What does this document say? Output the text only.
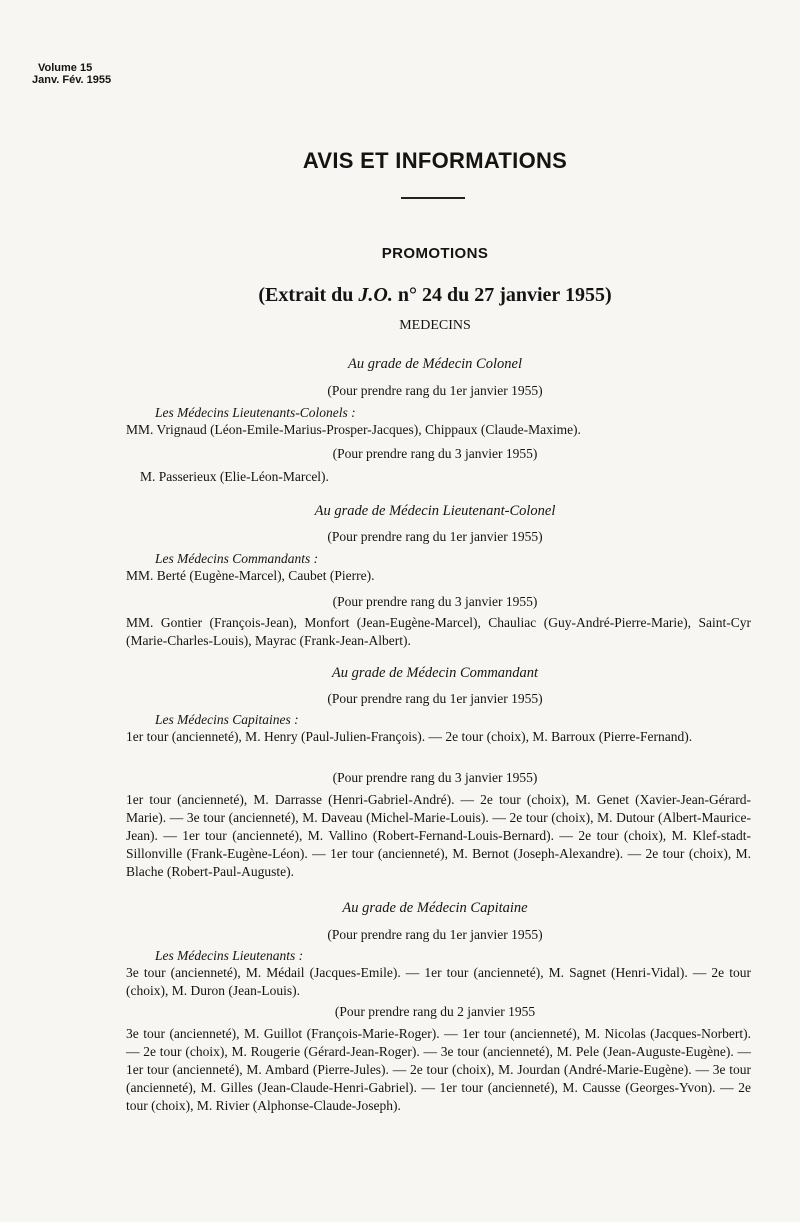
Volume 15
Janv. Fév. 1955
AVIS ET INFORMATIONS
PROMOTIONS
(Extrait du J.O. n° 24 du 27 janvier 1955)
MEDECINS
Au grade de Médecin Colonel
(Pour prendre rang du 1er janvier 1955)
Les Médecins Lieutenants-Colonels :
MM. Vrignaud (Léon-Emile-Marius-Prosper-Jacques), Chippaux (Claude-Maxime).
(Pour prendre rang du 3 janvier 1955)
M. Passerieux (Elie-Léon-Marcel).
Au grade de Médecin Lieutenant-Colonel
(Pour prendre rang du 1er janvier 1955)
Les Médecins Commandants :
MM. Berté (Eugène-Marcel), Caubet (Pierre).
(Pour prendre rang du 3 janvier 1955)
MM. Gontier (François-Jean), Monfort (Jean-Eugène-Marcel), Chauliac (Guy-André-Pierre-Marie), Saint-Cyr (Marie-Charles-Louis), Mayrac (Frank-Jean-Albert).
Au grade de Médecin Commandant
(Pour prendre rang du 1er janvier 1955)
Les Médecins Capitaines :
1er tour (ancienneté), M. Henry (Paul-Julien-François). — 2e tour (choix), M. Barroux (Pierre-Fernand).
(Pour prendre rang du 3 janvier 1955)
1er tour (ancienneté), M. Darrasse (Henri-Gabriel-André). — 2e tour (choix), M. Genet (Xavier-Jean-Gérard-Marie). — 3e tour (ancienneté), M. Daveau (Michel-Marie-Louis). — 2e tour (choix), M. Dutour (Albert-Maurice-Jean). — 1er tour (ancienneté), M. Vallino (Robert-Fernand-Louis-Bernard). — 2e tour (choix), M. Klef-stadt-Sillonville (Frank-Eugène-Léon). — 1er tour (ancienneté), M. Bernot (Joseph-Alexandre). — 2e tour (choix), M. Blache (Robert-Paul-Auguste).
Au grade de Médecin Capitaine
(Pour prendre rang du 1er janvier 1955)
Les Médecins Lieutenants :
3e tour (ancienneté), M. Médail (Jacques-Emile). — 1er tour (ancienneté), M. Sagnet (Henri-Vidal). — 2e tour (choix), M. Duron (Jean-Louis).
(Pour prendre rang du 2 janvier 1955
3e tour (ancienneté), M. Guillot (François-Marie-Roger). — 1er tour (ancienneté), M. Nicolas (Jacques-Norbert). — 2e tour (choix), M. Rougerie (Gérard-Jean-Roger). — 3e tour (ancienneté), M. Pele (Jean-Auguste-Eugène). — 1er tour (ancienneté), M. Ambard (Pierre-Jules). — 2e tour (choix), M. Jourdan (André-Marie-Eugène). — 3e tour (ancienneté), M. Gilles (Jean-Claude-Henri-Gabriel). — 1er tour (ancienneté), M. Causse (Georges-Yvon). — 2e tour (choix), M. Rivier (Alphonse-Claude-Joseph).
